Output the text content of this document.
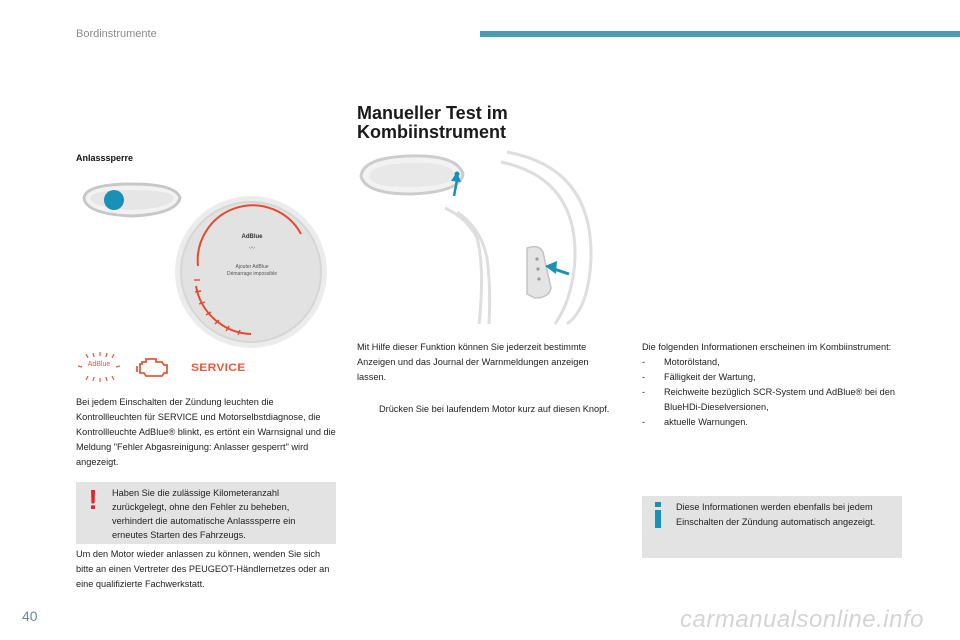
Bordinstrumente
Manueller Test im
Kombiinstrument
Anlasssperre
AdBlue
〰
Ajouter AdBlue
Démarrage impossible
AdBlue	SERVICE
Bei jedem Einschalten der Zündung leuchten die Kontrollleuchten für SERVICE und Motorselbstdiagnose, die Kontrollleuchte AdBlue® blinkt, es ertönt ein Warnsignal und die Meldung "Fehler Abgasreinigung: Anlasser gesperrt" wird angezeigt.
!	Haben Sie die zulässige Kilometeranzahl zurückgelegt, ohne den Fehler zu beheben, verhindert die automatische Anlasssperre ein erneutes Starten des Fahrzeugs.
Um den Motor wieder anlassen zu können, wenden Sie sich bitte an einen Vertreter des PEUGEOT-Händlernetzes oder an eine qualifizierte Fachwerkstatt.
Mit Hilfe dieser Funktion können Sie jederzeit bestimmte Anzeigen und das Journal der Warnmeldungen anzeigen lassen.
Drücken Sie bei laufendem Motor kurz auf diesen Knopf.
Die folgenden Informationen erscheinen im Kombiinstrument:
-	Motorölstand,
-	Fälligkeit der Wartung,
-	Reichweite bezüglich SCR-System und AdBlue® bei den BlueHDi-Dieselversionen,
-	aktuelle Warnungen.
Diese Informationen werden ebenfalls bei jedem Einschalten der Zündung automatisch angezeigt.
40	carmanualsonline.info
